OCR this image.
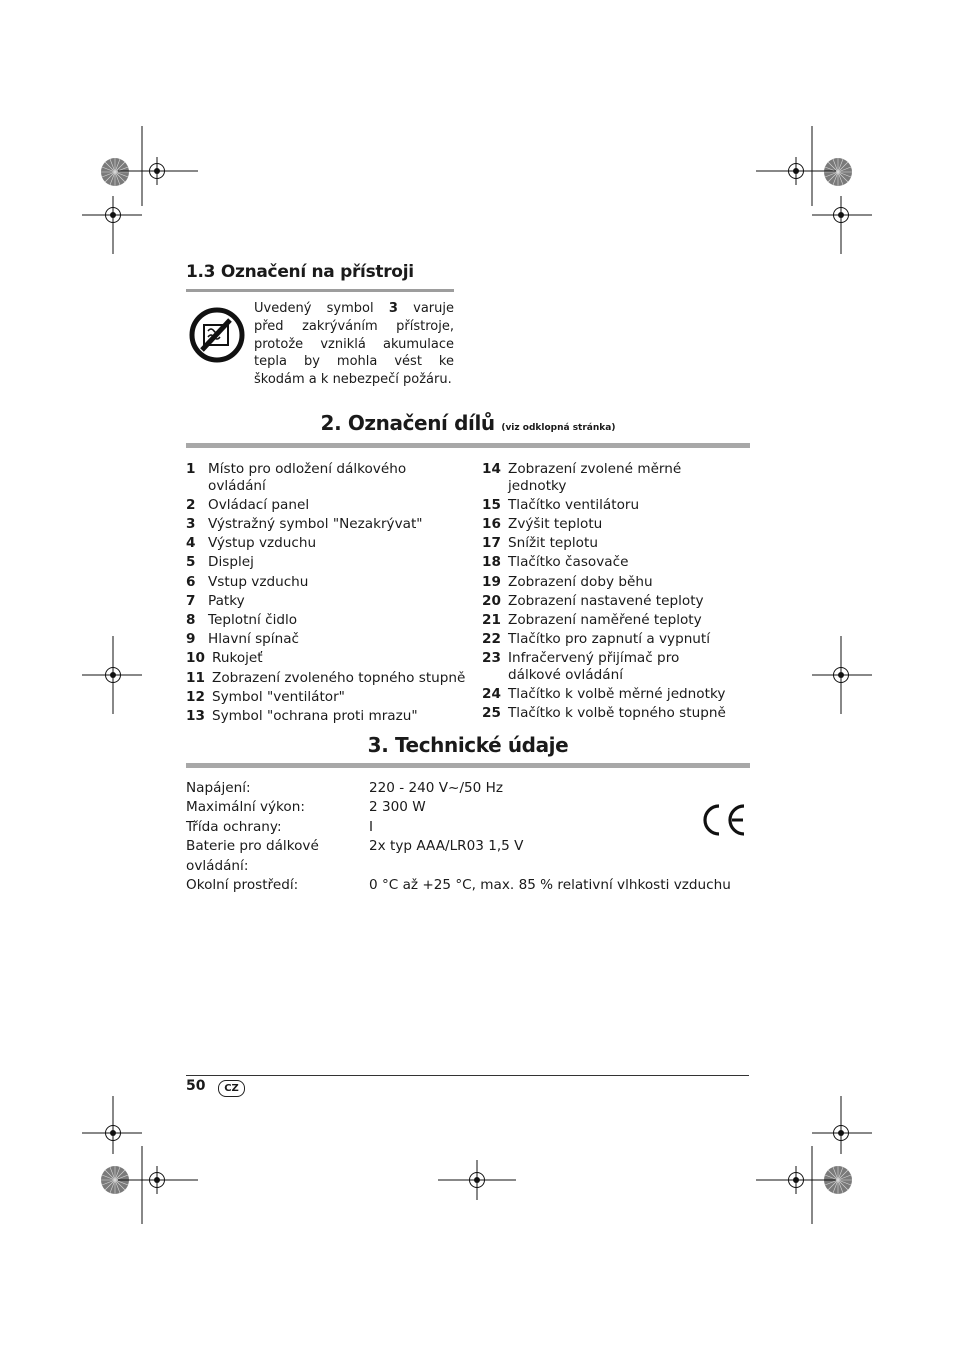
1.3 Označení na přístroji
Uvedený symbol 3 varuje před zakrýváním přístroje, protože vzniklá akumulace tepla by mohla vést ke škodám a k nebezpečí požáru.
2. Označení dílů (viz odklopná stránka)
1 Místo pro odložení dálkového ovládání
2 Ovládací panel
3 Výstražný symbol "Nezakrývat"
4 Výstup vzduchu
5 Displej
6 Vstup vzduchu
7 Patky
8 Teplotní čidlo
9 Hlavní spínač
10 Rukojeť
11 Zobrazení zvoleného topného stupně
12 Symbol "ventilátor"
13 Symbol "ochrana proti mrazu"
14 Zobrazení zvolené měrné jednotky
15 Tlačítko ventilátoru
16 Zvýšit teplotu
17 Snížit teplotu
18 Tlačítko časovače
19 Zobrazení doby běhu
20 Zobrazení nastavené teploty
21 Zobrazení naměřené teploty
22 Tlačítko pro zapnutí a vypnutí
23 Infračervený přijímač pro dálkové ovládání
24 Tlačítko k volbě měrné jednotky
25 Tlačítko k volbě topného stupně
3. Technické údaje
Napájení:	220 - 240 V~/50 Hz
Maximální výkon:	2 300 W
Třída ochrany:	I
Baterie pro dálkové ovládání:
2x typ AAA/LR03 1,5 V
Okolní prostředí:	0 °C až +25 °C, max. 85 % relativní vlhkosti vzduchu
50	CZ
